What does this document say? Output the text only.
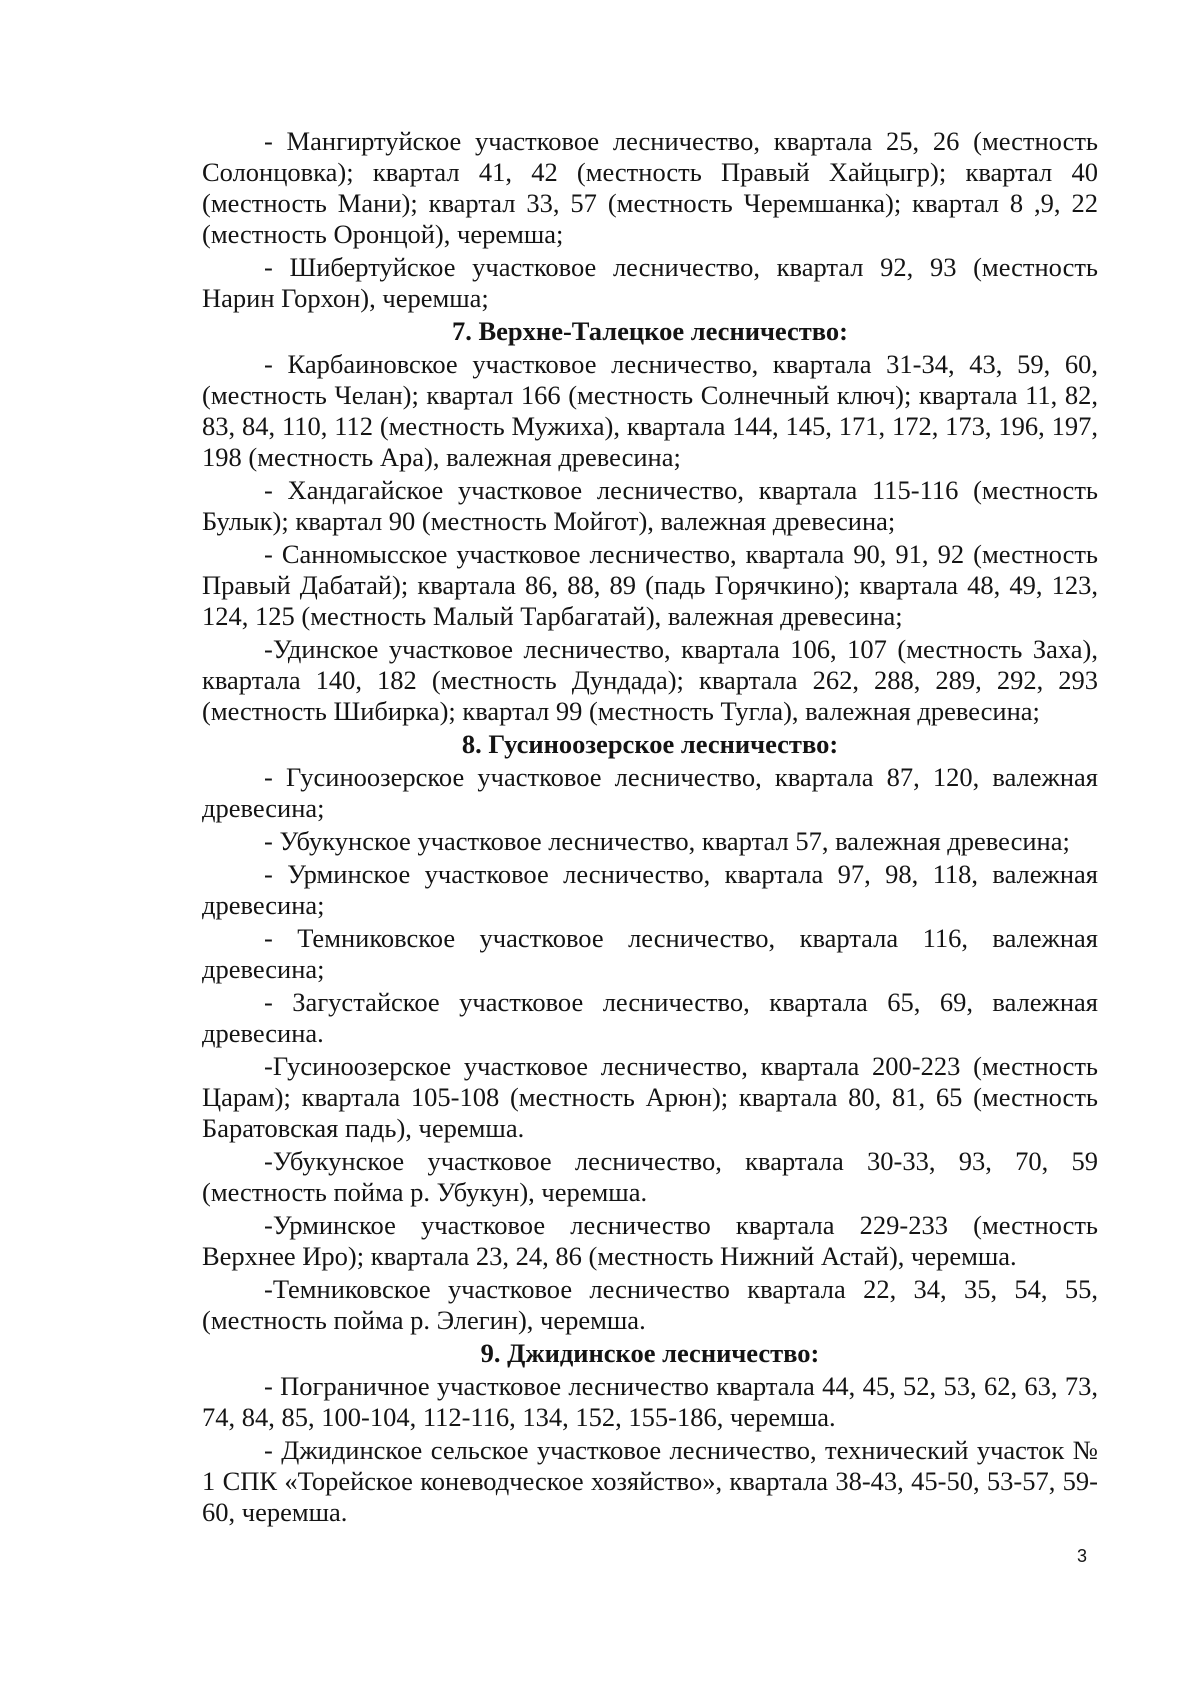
- Мангиртуйское участковое лесничество, квартала 25, 26 (местность Солонцовка); квартал 41, 42 (местность Правый Хайцыгр); квартал 40 (местность Мани); квартал 33, 57 (местность Черемшанка); квартал 8 ,9, 22 (местность Оронцой), черемша;

- Шибертуйское участковое лесничество, квартал 92, 93 (местность Нарин Горхон), черемша;

7. Верхне-Талецкое лесничество:

- Карбаиновское участковое лесничество, квартала 31-34, 43, 59, 60, (местность Челан); квартал 166 (местность Солнечный ключ); квартала 11, 82, 83, 84, 110, 112 (местность Мужиха), квартала 144, 145, 171, 172, 173, 196, 197, 198 (местность Ара), валежная древесина;

- Хандагайское участковое лесничество, квартала 115-116 (местность Булык); квартал 90 (местность Мойгот), валежная древесина;

- Санномысское участковое лесничество, квартала 90, 91, 92 (местность Правый Дабатай); квартала 86, 88, 89 (падь Горячкино); квартала 48, 49, 123, 124, 125 (местность Малый Тарбагатай), валежная древесина;

-Удинское участковое лесничество, квартала 106, 107 (местность Заха), квартала 140, 182 (местность Дундада); квартала 262, 288, 289, 292, 293 (местность Шибирка); квартал 99 (местность Тугла), валежная древесина;

8. Гусиноозерское лесничество:

- Гусиноозерское участковое лесничество, квартала 87, 120, валежная древесина;

- Убукунское участковое лесничество, квартал 57, валежная древесина;

- Урминское участковое лесничество, квартала 97, 98, 118, валежная древесина;

- Темниковское участковое лесничество, квартала 116, валежная древесина;

- Загустайское участковое лесничество, квартала 65, 69, валежная древесина.

-Гусиноозерское участковое лесничество, квартала 200-223 (местность Царам); квартала 105-108 (местность Арюн); квартала 80, 81, 65 (местность Баратовская падь), черемша.

-Убукунское участковое лесничество, квартала 30-33, 93, 70, 59 (местность пойма р. Убукун), черемша.

-Урминское участковое лесничество квартала 229-233 (местность Верхнее Иро); квартала 23, 24, 86 (местность Нижний Астай), черемша.

-Темниковское участковое лесничество квартала 22, 34, 35, 54, 55, (местность пойма р. Элегин), черемша.

9. Джидинское лесничество:

- Пограничное участковое лесничество квартала 44, 45, 52, 53, 62, 63, 73, 74, 84, 85, 100-104, 112-116, 134, 152, 155-186, черемша.

- Джидинское сельское участковое лесничество, технический участок № 1 СПК «Торейское коневодческое хозяйство», квартала 38-43, 45-50, 53-57, 59-60, черемша.

3
